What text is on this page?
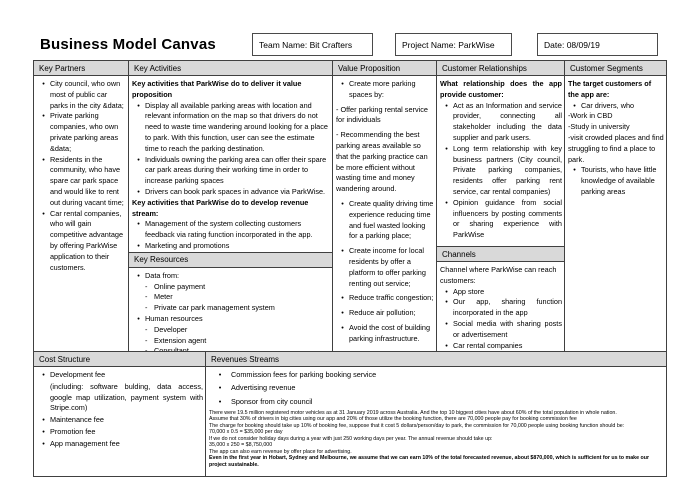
Business Model Canvas	Team Name: Bit Crafters	Project Name: ParkWise	Date: 08/09/19
Key Partners
• City council, who own most of public car parks in the city &data;
• Private parking companies, who own private parking areas &data;
• Residents in the community, who have spare car park space and would like to rent out during vacant time;
• Car rental companies, who will gain competitive advantage by offering ParkWise application to their customers.
Key Activities
Key activities that ParkWise do to deliver it value proposition
• Display all available parking areas with location and relevant information on the map so that drivers do not need to waste time wandering around looking for a place to park. With this function, user can see the estimate time to reach the parking destination.
• Individuals owning the parking area can offer their spare car park areas during their working time in order to increase parking spaces
• Drivers can book park spaces in advance via ParkWise.
Key activities that ParkWise do to develop revenue stream:
• Management of the system collecting customers feedback via rating function incorporated in the app.
• Marketing and promotions
Key Resources
• Data from:
- Online payment
- Meter
- Private car park management system
• Human resources
- Developer
- Extension agent
-
Value Proposition
• Create more parking spaces by:
- Offer parking rental service for individuals
- Recommending the best parking areas available so that the parking practice can be more efficient without wasting time and money wandering around.
• Create quality driving time experience reducing time and fuel wasted looking for a parking place;
• Create income for local residents by offer a platform to offer parking renting out service;
• Reduce traffic congestion;
• Reduce air pollution;
• Avoid the cost of building parking infrastructure.
Customer Relationships
What relationship does the app provide customer:
• Act as an Information and service provider, connecting all stakeholder including the data supplier and park users.
• Long term relationship with key business partners (City council, Private parking companies, residents offer parking rent service, car rental companies)
• Opinion guidance from social influencers by posting comments or sharing experience with ParkWise
Channels
Channel where ParkWise can reach customers:
• App store
• Our app, sharing function incorporated in the app
• Social media with sharing posts or advertisement
• Car rental companies
•
Customer Segments
The target customers of the app are:
• Car drivers, who
-Work in CBD
-Study in university
-visit crowded places and find struggling to find a place to park.
• Tourists, who have little knowledge of available parking areas
Cost Structure
• Development fee
(including: software bulding, data access, google map utilization, payment system with Stripe.com)
• Maintenance fee
• Promotion fee
• App management fee
Revenues Streams
• Commission fees for parking booking service
• Advertising revenue
• Sponsor from city council
There were 19.5 million registered motor vehicles as at 31 January 2019 across Australia. And the top 10 biggest cities have about 60% of the total population in whole nation.
Assume that 30% of drivers in big cities using our app and 20% of those utilize the booking function, there are 70,000 people pay for booking commission fee
The charge for booking should take up 10% of booking fee, suppose that it cost 5 dollars/person/day to park, the commission for 70,000 people using booking function should be:
70,000 x 0.5 = $35,000 per day
If we do not consider holiday days during a year with just 250 working days per year. The annual revenue should take up:
35,000 x 250 = $8,750,000
The app can also earn revenue by offer place for advertising.
Even in the first year in Hobart, Sydney and Melbourne, we assume that we can earn 10% of the total forecasted revenue, about $870,000, which is sufficient for us to make our project sustainable.
